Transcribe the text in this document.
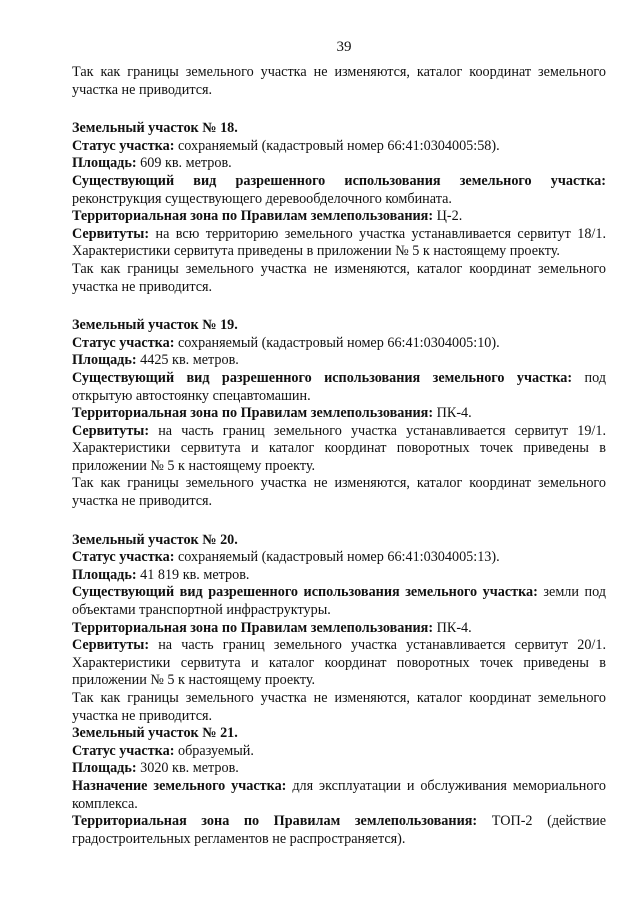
39

Так как границы земельного участка не изменяются, каталог координат земельного участка не приводится.

Земельный участок № 18.

Статус участка: сохраняемый (кадастровый номер 66:41:0304005:58).

Площадь: 609 кв. метров.

Существующий вид разрешенного использования земельного участка: реконструкция существующего деревообделочного комбината.

Территориальная зона по Правилам землепользования: Ц-2.

Сервитуты: на всю территорию земельного участка устанавливается сервитут 18/1. Характеристики сервитута приведены в приложении № 5 к настоящему проекту.

Так как границы земельного участка не изменяются, каталог координат земельного участка не приводится.

Земельный участок № 19.

Статус участка: сохраняемый (кадастровый номер 66:41:0304005:10).

Площадь: 4425 кв. метров.

Существующий вид разрешенного использования земельного участка: под открытую автостоянку спецавтомашин.

Территориальная зона по Правилам землепользования: ПК-4.

Сервитуты: на часть границ земельного участка устанавливается сервитут 19/1. Характеристики сервитута и каталог координат поворотных точек приведены в приложении № 5 к настоящему проекту.

Так как границы земельного участка не изменяются, каталог координат земельного участка не приводится.

Земельный участок № 20.

Статус участка: сохраняемый (кадастровый номер 66:41:0304005:13).

Площадь: 41 819 кв. метров.

Существующий вид разрешенного использования земельного участка: земли под объектами транспортной инфраструктуры.

Территориальная зона по Правилам землепользования: ПК-4.

Сервитуты: на часть границ земельного участка устанавливается сервитут 20/1. Характеристики сервитута и каталог координат поворотных точек приведены в приложении № 5 к настоящему проекту.

Так как границы земельного участка не изменяются, каталог координат земельного участка не приводится.

Земельный участок № 21.

Статус участка: образуемый.

Площадь: 3020 кв. метров.

Назначение земельного участка: для эксплуатации и обслуживания мемориального комплекса.

Территориальная зона по Правилам землепользования: ТОП-2 (действие градостроительных регламентов не распространяется).
